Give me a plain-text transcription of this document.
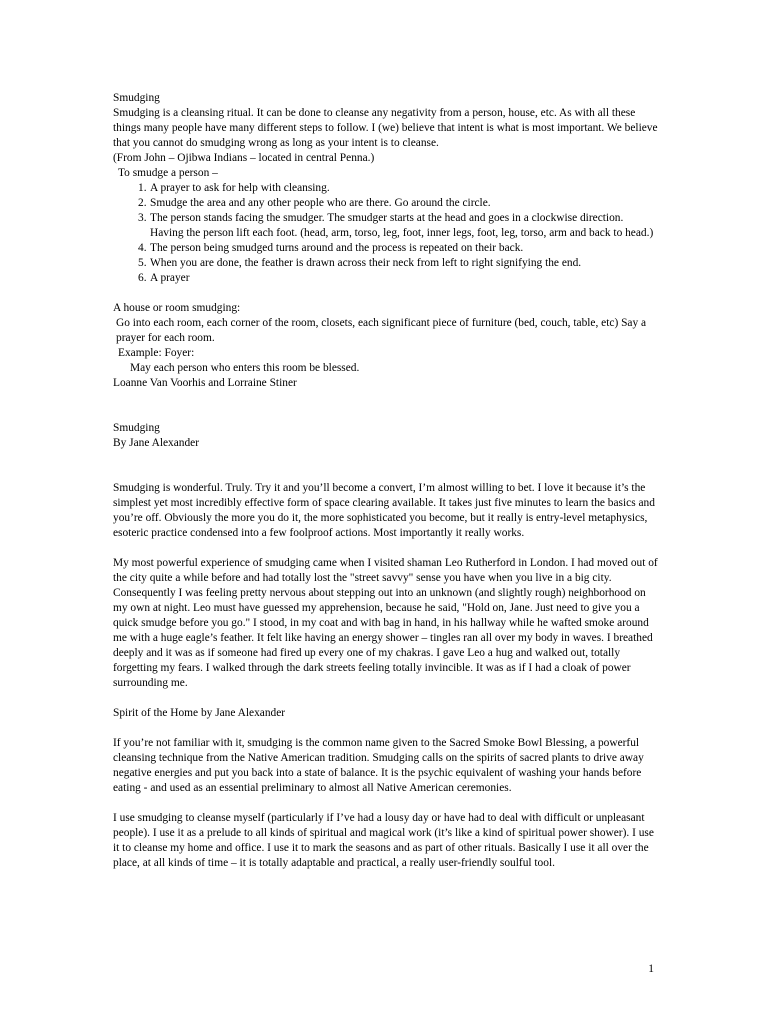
Smudging

Smudging is a cleansing ritual. It can be done to cleanse any negativity from a person, house, etc. As with all these things many people have many different steps to follow. I (we) believe that intent is what is most important. We believe that you cannot do smudging wrong as long as your intent is to cleanse.

(From John – Ojibwa Indians – located in central Penna.)

To smudge a person –

1. A prayer to ask for help with cleansing.
2. Smudge the area and any other people who are there. Go around the circle.
3. The person stands facing the smudger. The smudger starts at the head and goes in a clockwise direction. Having the person lift each foot. (head, arm, torso, leg, foot, inner legs, foot, leg, torso, arm and back to head.)
4. The person being smudged turns around and the process is repeated on their back.
5. When you are done, the feather is drawn across their neck from left to right signifying the end.
6. A prayer

A house or room smudging:

Go into each room, each corner of the room, closets, each significant piece of furniture (bed, couch, table, etc) Say a prayer for each room.

Example: Foyer:

May each person who enters this room be blessed.

Loanne Van Voorhis and Lorraine Stiner

Smudging

By Jane Alexander

Smudging is wonderful. Truly. Try it and you’ll become a convert, I’m almost willing to bet. I love it because it’s the simplest yet most incredibly effective form of space clearing available. It takes just five minutes to learn the basics and you’re off. Obviously the more you do it, the more sophisticated you become, but it really is entry-level metaphysics, esoteric practice condensed into a few foolproof actions. Most importantly it really works.

My most powerful experience of smudging came when I visited shaman Leo Rutherford in London. I had moved out of the city quite a while before and had totally lost the "street savvy" sense you have when you live in a big city. Consequently I was feeling pretty nervous about stepping out into an unknown (and slightly rough) neighborhood on my own at night. Leo must have guessed my apprehension, because he said, "Hold on, Jane. Just need to give you a quick smudge before you go." I stood, in my coat and with bag in hand, in his hallway while he wafted smoke around me with a huge eagle’s feather. It felt like having an energy shower – tingles ran all over my body in waves. I breathed deeply and it was as if someone had fired up every one of my chakras. I gave Leo a hug and walked out, totally forgetting my fears. I walked through the dark streets feeling totally invincible. It was as if I had a cloak of power surrounding me.

Spirit of the Home by Jane Alexander

If you’re not familiar with it, smudging is the common name given to the Sacred Smoke Bowl Blessing, a powerful cleansing technique from the Native American tradition. Smudging calls on the spirits of sacred plants to drive away negative energies and put you back into a state of balance. It is the psychic equivalent of washing your hands before eating - and used as an essential preliminary to almost all Native American ceremonies.

I use smudging to cleanse myself (particularly if I’ve had a lousy day or have had to deal with difficult or unpleasant people). I use it as a prelude to all kinds of spiritual and magical work (it’s like a kind of spiritual power shower). I use it to cleanse my home and office. I use it to mark the seasons and as part of other rituals. Basically I use it all over the place, at all kinds of time – it is totally adaptable and practical, a really user-friendly soulful tool.

1
